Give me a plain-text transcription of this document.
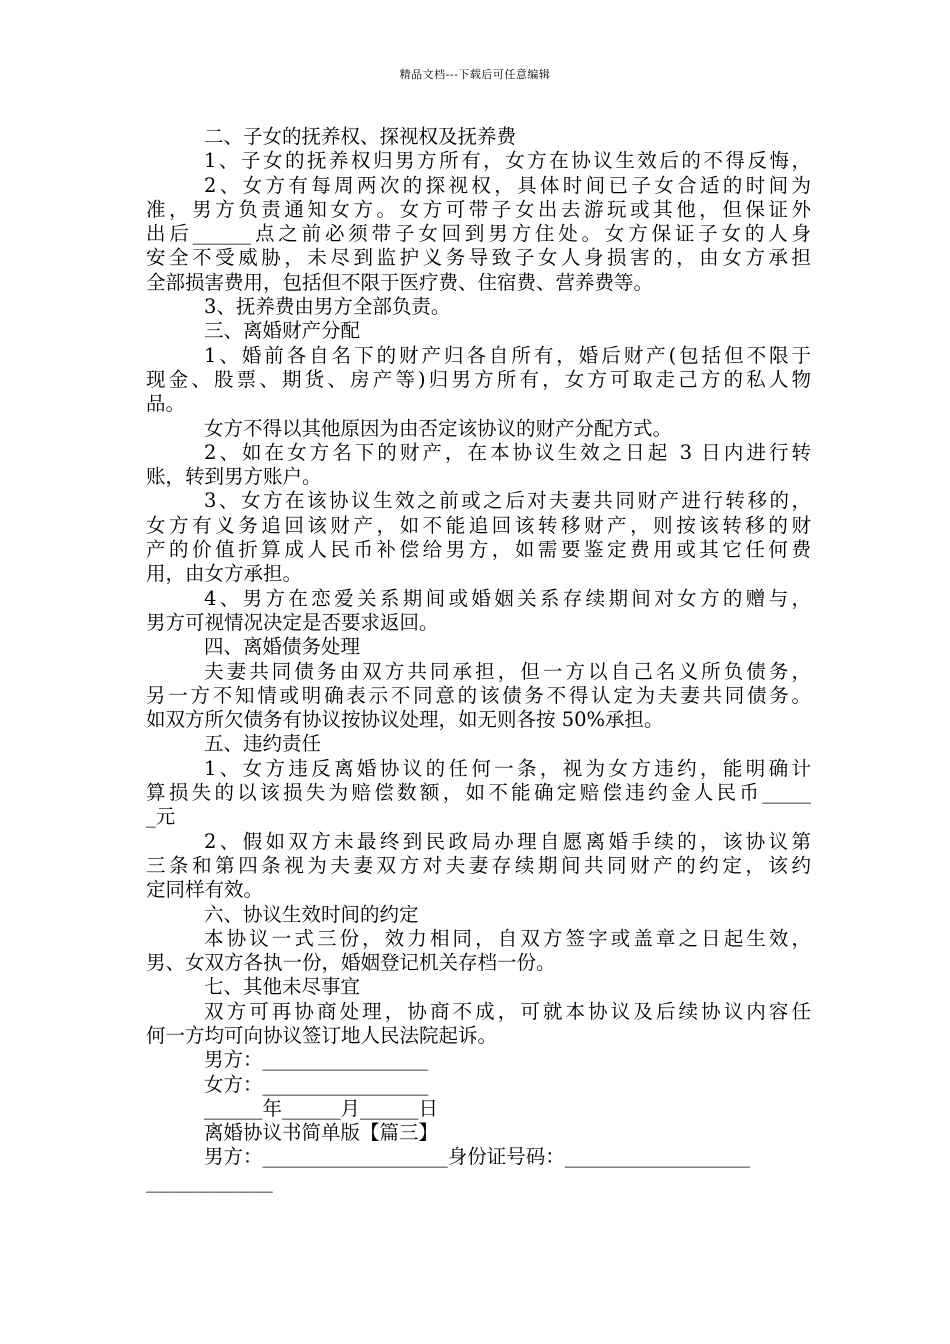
精品文档---下载后可任意编辑
二、子女的抚养权、探视权及抚养费
1、子女的抚养权归男方所有，女方在协议生效后的不得反悔，
2、女方有每周两次的探视权，具体时间已子女合适的时间为
准，男方负责通知女方。女方可带子女出去游玩或其他，但保证外
出后______点之前必须带子女回到男方住处。女方保证子女的人身
安全不受威胁，未尽到监护义务导致子女人身损害的，由女方承担
全部损害费用，包括但不限于医疗费、住宿费、营养费等。
3、抚养费由男方全部负责。
三、离婚财产分配
1、婚前各自名下的财产归各自所有，婚后财产(包括但不限于
现金、股票、期货、房产等)归男方所有，女方可取走己方的私人物
品。
女方不得以其他原因为由否定该协议的财产分配方式。
2、如在女方名下的财产，在本协议生效之日起 3 日内进行转
账，转到男方账户。
3、女方在该协议生效之前或之后对夫妻共同财产进行转移的，
女方有义务追回该财产，如不能追回该转移财产，则按该转移的财
产的价值折算成人民币补偿给男方，如需要鉴定费用或其它任何费
用，由女方承担。
4、男方在恋爱关系期间或婚姻关系存续期间对女方的赠与，
男方可视情况决定是否要求返回。
四、离婚债务处理
夫妻共同债务由双方共同承担，但一方以自己名义所负债务，
另一方不知情或明确表示不同意的该债务不得认定为夫妻共同债务。
如双方所欠债务有协议按协议处理，如无则各按 50%承担。
五、违约责任
1、女方违反离婚协议的任何一条，视为女方违约，能明确计
算损失的以该损失为赔偿数额，如不能确定赔偿违约金人民币_____
_元
2、假如双方未最终到民政局办理自愿离婚手续的，该协议第
三条和第四条视为夫妻双方对夫妻存续期间共同财产的约定，该约
定同样有效。
六、协议生效时间的约定
本协议一式三份，效力相同，自双方签字或盖章之日起生效，
男、女双方各执一份，婚姻登记机关存档一份。
七、其他未尽事宜
双方可再协商处理，协商不成，可就本协议及后续协议内容任
何一方均可向协议签订地人民法院起诉。
男方：_________________
女方：_________________
______年______月______日
离婚协议书简单版【篇三】
男方：___________________身份证号码：___________________
_____________
